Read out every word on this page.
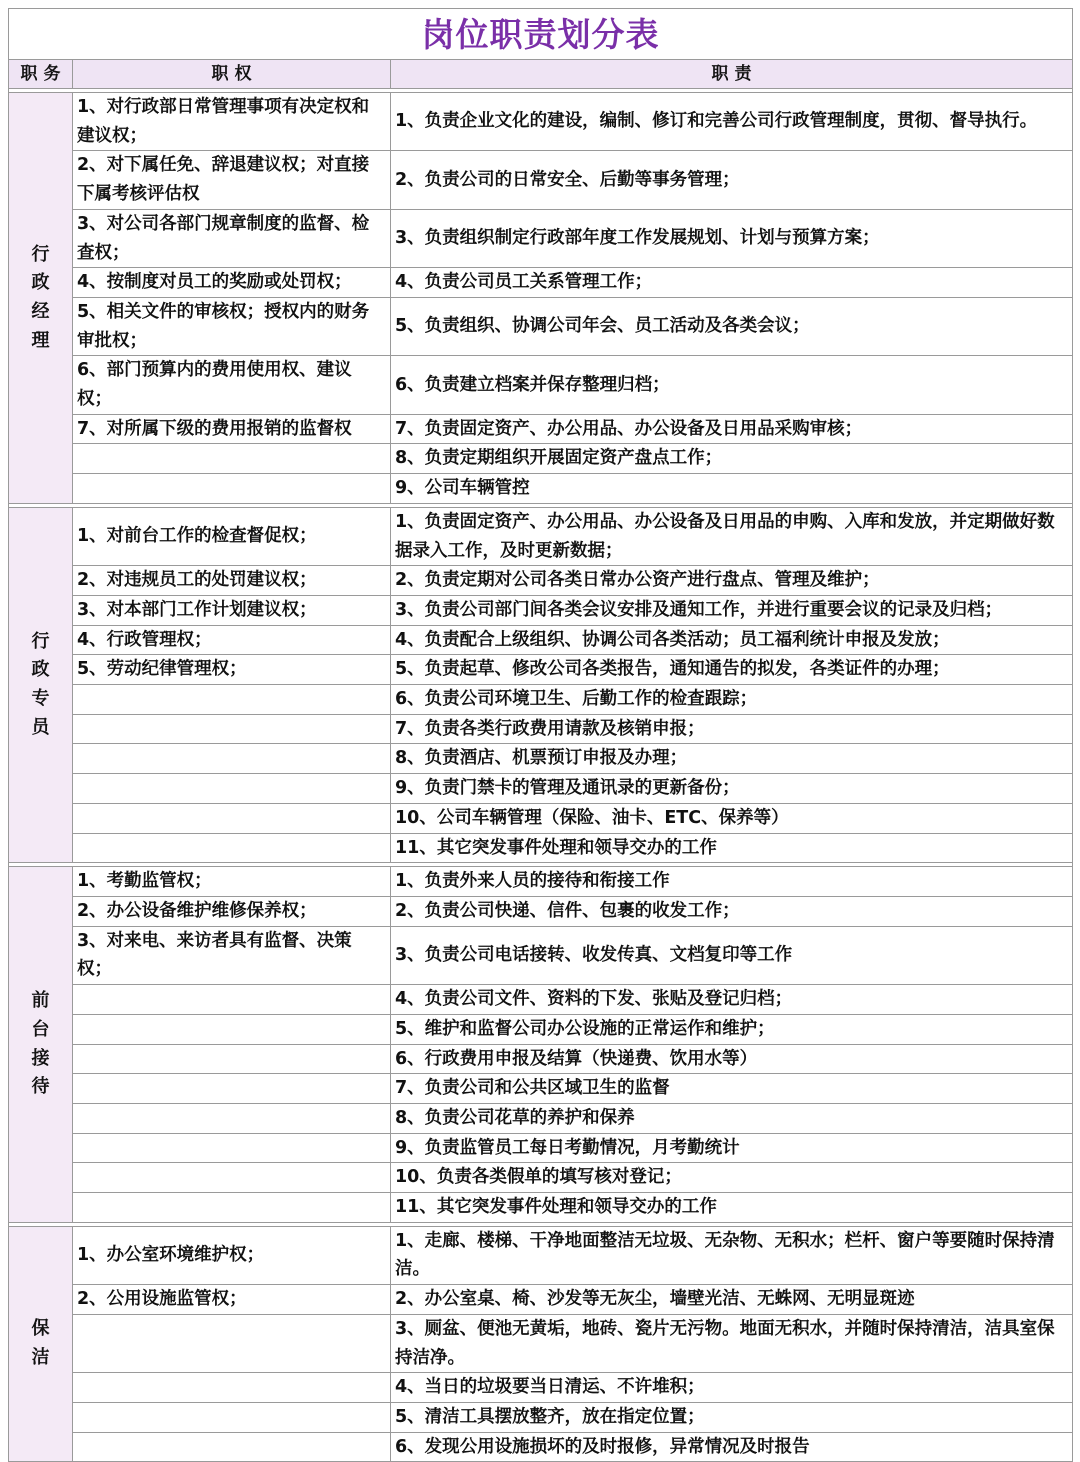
岗位职责划分表		
职 务	职 权	职 责

行政经理	1、对行政部日常管理事项有决定权和建议权；	1、负责企业文化的建设，编制、修订和完善公司行政管理制度，贯彻、督导执行。
	2、对下属任免、辞退建议权；对直接下属考核评估权	2、负责公司的日常安全、后勤等事务管理；
	3、对公司各部门规章制度的监督、检查权；	3、负责组织制定行政部年度工作发展规划、计划与预算方案；
	4、按制度对员工的奖励或处罚权；	4、负责公司员工关系管理工作；
	5、相关文件的审核权；授权内的财务审批权；	5、负责组织、协调公司年会、员工活动及各类会议；
	6、部门预算内的费用使用权、建议权；	6、负责建立档案并保存整理归档；
	7、对所属下级的费用报销的监督权	7、负责固定资产、办公用品、办公设备及日用品采购审核；
		8、负责定期组织开展固定资产盘点工作；
		9、公司车辆管控

行政专员	1、对前台工作的检查督促权；	1、负责固定资产、办公用品、办公设备及日用品的申购、入库和发放，并定期做好数据录入工作，及时更新数据；
	2、对违规员工的处罚建议权；	2、负责定期对公司各类日常办公资产进行盘点、管理及维护；
	3、对本部门工作计划建议权；	3、负责公司部门间各类会议安排及通知工作，并进行重要会议的记录及归档；
	4、行政管理权；	4、负责配合上级组织、协调公司各类活动；员工福利统计申报及发放；
	5、劳动纪律管理权；	5、负责起草、修改公司各类报告，通知通告的拟发，各类证件的办理；
		6、负责公司环境卫生、后勤工作的检查跟踪；
		7、负责各类行政费用请款及核销申报；
		8、负责酒店、机票预订申报及办理；
		9、负责门禁卡的管理及通讯录的更新备份；
		10、公司车辆管理（保险、油卡、ETC、保养等）
		11、其它突发事件处理和领导交办的工作

前台接待	1、考勤监管权；	1、负责外来人员的接待和衔接工作
	2、办公设备维护维修保养权；	2、负责公司快递、信件、包裹的收发工作；
	3、对来电、来访者具有监督、决策权；	3、负责公司电话接转、收发传真、文档复印等工作
		4、负责公司文件、资料的下发、张贴及登记归档；
		5、维护和监督公司办公设施的正常运作和维护；
		6、行政费用申报及结算（快递费、饮用水等）
		7、负责公司和公共区域卫生的监督
		8、负责公司花草的养护和保养
		9、负责监管员工每日考勤情况，月考勤统计
		10、负责各类假单的填写核对登记；
		11、其它突发事件处理和领导交办的工作

保洁	1、办公室环境维护权；	1、走廊、楼梯、干净地面整洁无垃圾、无杂物、无积水；栏杆、窗户等要随时保持清洁。
	2、公用设施监管权；	2、办公室桌、椅、沙发等无灰尘，墙壁光洁、无蛛网、无明显斑迹
		3、厕盆、便池无黄垢，地砖、瓷片无污物。地面无积水，并随时保持清洁，洁具室保持洁净。
		4、当日的垃圾要当日清运、不许堆积；
		5、清洁工具摆放整齐，放在指定位置；
		6、发现公用设施损坏的及时报修，异常情况及时报告
